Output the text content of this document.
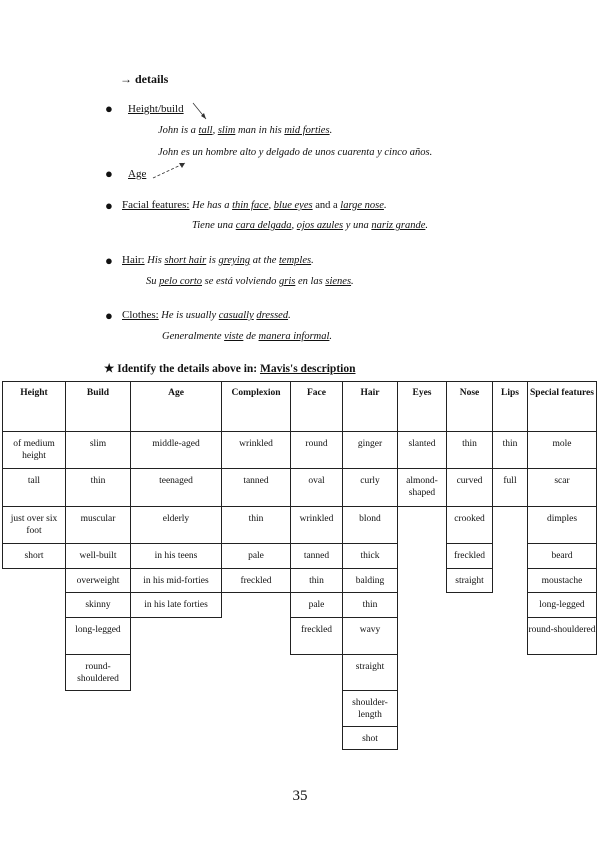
→ details
● Height/build
John is a tall, slim man in his mid forties.
John es un hombre alto y delgado de unos cuarenta y cinco años.
● Age
● Facial features: He has a thin face, blue eyes and a large nose.
Tiene una cara delgada, ojos azules y una nariz grande.
● Hair: His short hair is greying at the temples.
Su pelo corto se está volviendo gris en las sienes.
● Clothes: He is usually casually dressed.
Generalmente viste de manera informal.
★ Identify the details above in: Mavis's description
Height
of medium height
tall
just over six foot
short
Build
slim
thin
muscular
well-built
overweight
skinny
long-legged
round-shouldered
Age
middle-aged
teenaged
elderly
in his teens
in his mid-forties
in his late forties
Complexion
wrinkled
tanned
thin
pale
freckled
Face
round
oval
wrinkled
tanned
thin
pale
freckled
Hair
ginger
curly
blond
thick
balding
thin
wavy
straight
shoulder-length
shot
Eyes
slanted
almond-shaped
Nose
thin
curved
crooked
freckled
straight
Lips
thin
full
Special features
mole
scar
dimples
beard
moustache
long-legged
round-shouldered
35
